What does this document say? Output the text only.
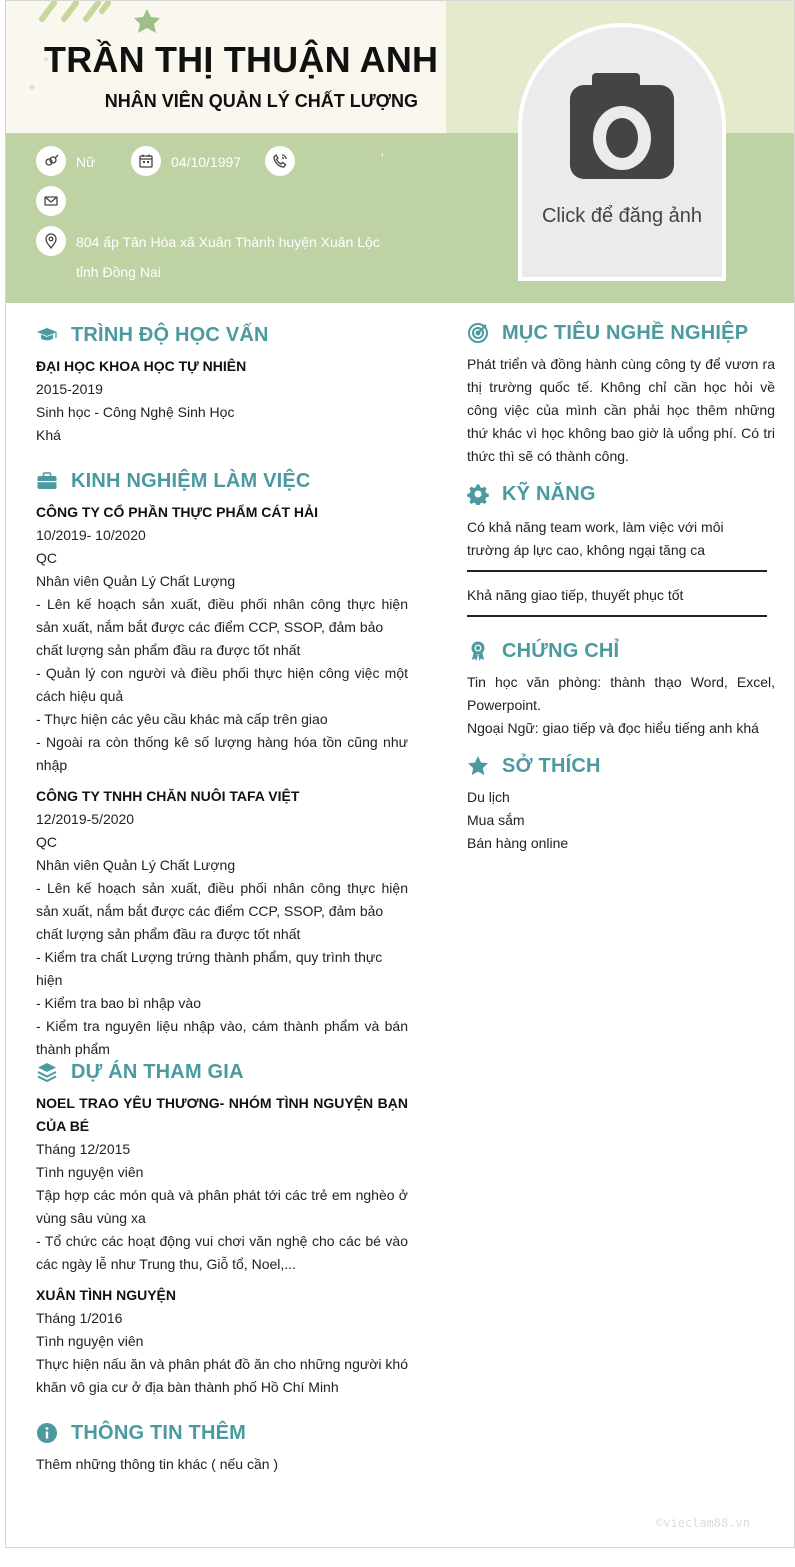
TRẦN THỊ THUẬN ANH
NHÂN VIÊN QUẢN LÝ CHẤT LƯỢNG
Nữ	04/10/1997	'
804 ấp Tân Hòa xã Xuân Thành huyện Xuân Lộc tỉnh Đồng Nai
Click để đăng ảnh
TRÌNH ĐỘ HỌC VẤN
ĐẠI HỌC KHOA HỌC TỰ NHIÊN
2015-2019
Sinh học - Công Nghệ Sinh Học
Khá
KINH NGHIỆM LÀM VIỆC
CÔNG TY CỔ PHẦN THỰC PHẨM CÁT HẢI
10/2019- 10/2020
QC
Nhân viên Quản Lý Chất Lượng
- Lên kế hoạch sản xuất, điều phối nhân công thực hiện sản xuất, nắm bắt được các điểm CCP, SSOP, đảm bảo
chất lượng sản phẩm đầu ra được tốt nhất
- Quản lý con người và điều phối thực hiện công việc một cách hiệu quả
- Thực hiện các yêu cầu khác mà cấp trên giao
- Ngoài ra còn thống kê số lượng hàng hóa tồn cũng như nhập
CÔNG TY TNHH CHĂN NUÔI TAFA VIỆT
12/2019-5/2020
QC
Nhân viên Quản Lý Chất Lượng
- Lên kế hoạch sản xuất, điều phối nhân công thực hiện sản xuất, nắm bắt được các điểm CCP, SSOP, đảm bảo
chất lượng sản phẩm đầu ra được tốt nhất
- Kiểm tra chất Lượng trứng thành phẩm, quy trình thực hiện
- Kiểm tra bao bì nhập vào
- Kiểm tra nguyên liệu nhập vào, cám thành phẩm và bán thành phẩm
DỰ ÁN THAM GIA
NOEL TRAO YÊU THƯƠNG- NHÓM TÌNH NGUYỆN BẠN CỦA BÉ
Tháng 12/2015
Tình nguyện viên
Tập hợp các món quà và phân phát tới các trẻ em nghèo ở vùng sâu vùng xa
- Tổ chức các hoạt động vui chơi văn nghệ cho các bé vào các ngày lễ như Trung thu, Giỗ tổ, Noel,...
XUÂN TÌNH NGUYỆN
Tháng 1/2016
Tình nguyện viên
Thực hiện nấu ăn và phân phát đồ ăn cho những người khó khăn vô gia cư ở địa bàn thành phố Hồ Chí Minh
THÔNG TIN THÊM
Thêm những thông tin khác ( nếu cần )
MỤC TIÊU NGHỀ NGHIỆP
Phát triển và đồng hành cùng công ty để vươn ra thị trường quốc tế. Không chỉ cần học hỏi về công việc của mình cần phải học thêm những thứ khác vì học không bao giờ là uổng phí. Có tri thức thì sẽ có thành công.
KỸ NĂNG
Có khả năng team work, làm việc với môi trường áp lực cao, không ngại tăng ca
Khả năng giao tiếp, thuyết phục tốt
CHỨNG CHỈ
Tin học văn phòng: thành thạo Word, Excel, Powerpoint.
Ngoại Ngữ: giao tiếp và đọc hiểu tiếng anh khá
SỞ THÍCH
Du lịch
Mua sắm
Bán hàng online
©vieclam88.vn
